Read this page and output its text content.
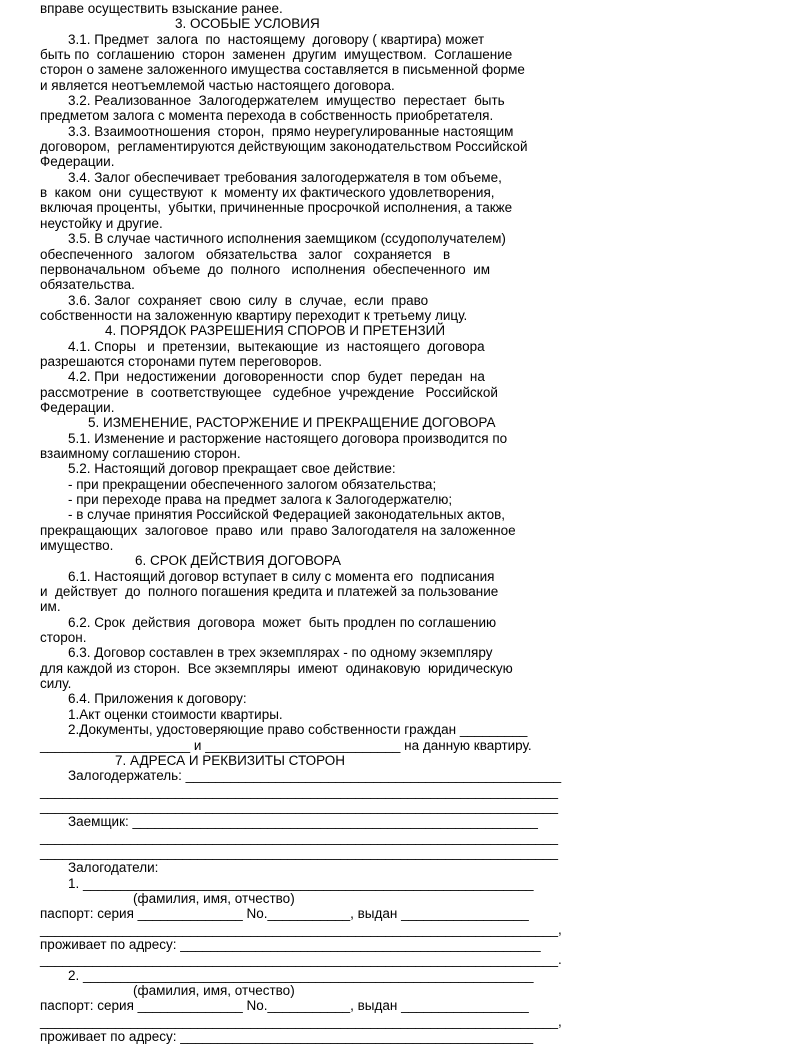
вправе осуществить взыскание ранее.
3. ОСОБЫЕ УСЛОВИЯ
3.1. Предмет  залога  по  настоящему  договору ( квартира) может
быть по  соглашению  сторон  заменен  другим  имуществом.  Соглашение
сторон о замене заложенного имущества составляется в письменной форме
и является неотъемлемой частью настоящего договора.
3.2. Реализованное  Залогодержателем  имущество  перестает  быть
предметом залога с момента перехода в собственность приобретателя.
3.3. Взаимоотношения  сторон,  прямо неурегулированные настоящим
договором,  регламентируются действующим законодательством Российской
Федерации.
3.4. Залог обеспечивает требования залогодержателя в том объеме,
в  каком  они  существуют  к  моменту их фактического удовлетворения,
включая проценты,  убытки, причиненные просрочкой исполнения, а также
неустойку и другие.
3.5. В случае частичного исполнения заемщиком (ссудополучателем)
обеспеченного   залогом   обязательства   залог   сохраняется   в
первоначальном  объеме  до  полного   исполнения  обеспеченного  им
обязательства.
3.6. Залог  сохраняет  свою  силу  в  случае,  если  право
собственности на заложенную квартиру переходит к третьему лицу.
4. ПОРЯДОК РАЗРЕШЕНИЯ СПОРОВ И ПРЕТЕНЗИЙ
4.1. Споры   и  претензии,  вытекающие  из  настоящего  договора
разрешаются сторонами путем переговоров.
4.2. При  недостижении  договоренности  спор  будет  передан  на
рассмотрение  в  соответствующее   судебное  учреждение   Российской
Федерации.
5. ИЗМЕНЕНИЕ, РАСТОРЖЕНИЕ И ПРЕКРАЩЕНИЕ ДОГОВОРА
5.1. Изменение и расторжение настоящего договора производится по
взаимному соглашению сторон.
5.2. Настоящий договор прекращает свое действие:
- при прекращении обеспеченного залогом обязательства;
- при переходе права на предмет залога к Залогодержателю;
- в случае принятия Российской Федерацией законодательных актов,
прекращающих  залоговое  право  или  право Залогодателя на заложенное
имущество.
6. СРОК ДЕЙСТВИЯ ДОГОВОРА
6.1. Настоящий договор вступает в силу с момента его  подписания
и  действует  до  полного погашения кредита и платежей за пользование
им.
6.2. Срок  действия  договора  может  быть продлен по соглашению
сторон.
6.3. Договор составлен в трех экземплярах - по одному экземпляру
для каждой из сторон.  Все экземпляры  имеют  одинаковую  юридическую
силу.
6.4. Приложения к договору:
1.Акт оценки стоимости квартиры.
2.Документы, удостоверяющие право собственности граждан _________
____________________ и __________________________ на данную квартиру.
7. АДРЕСА И РЕКВИЗИТЫ СТОРОН
Залогодержатель: __________________________________________________
_____________________________________________________________________
_____________________________________________________________________
Заемщик: ______________________________________________________
_____________________________________________________________________
_____________________________________________________________________
Залогодатели:
1. ____________________________________________________________
(фамилия, имя, отчество)
паспорт: серия ______________ No.___________, выдан _________________
_____________________________________________________________________,
проживает по адресу: ________________________________________________
_____________________________________________________________________.
2. ____________________________________________________________
(фамилия, имя, отчество)
паспорт: серия ______________ No.___________, выдан _________________
_____________________________________________________________________,
проживает по адресу: _______________________________________________
